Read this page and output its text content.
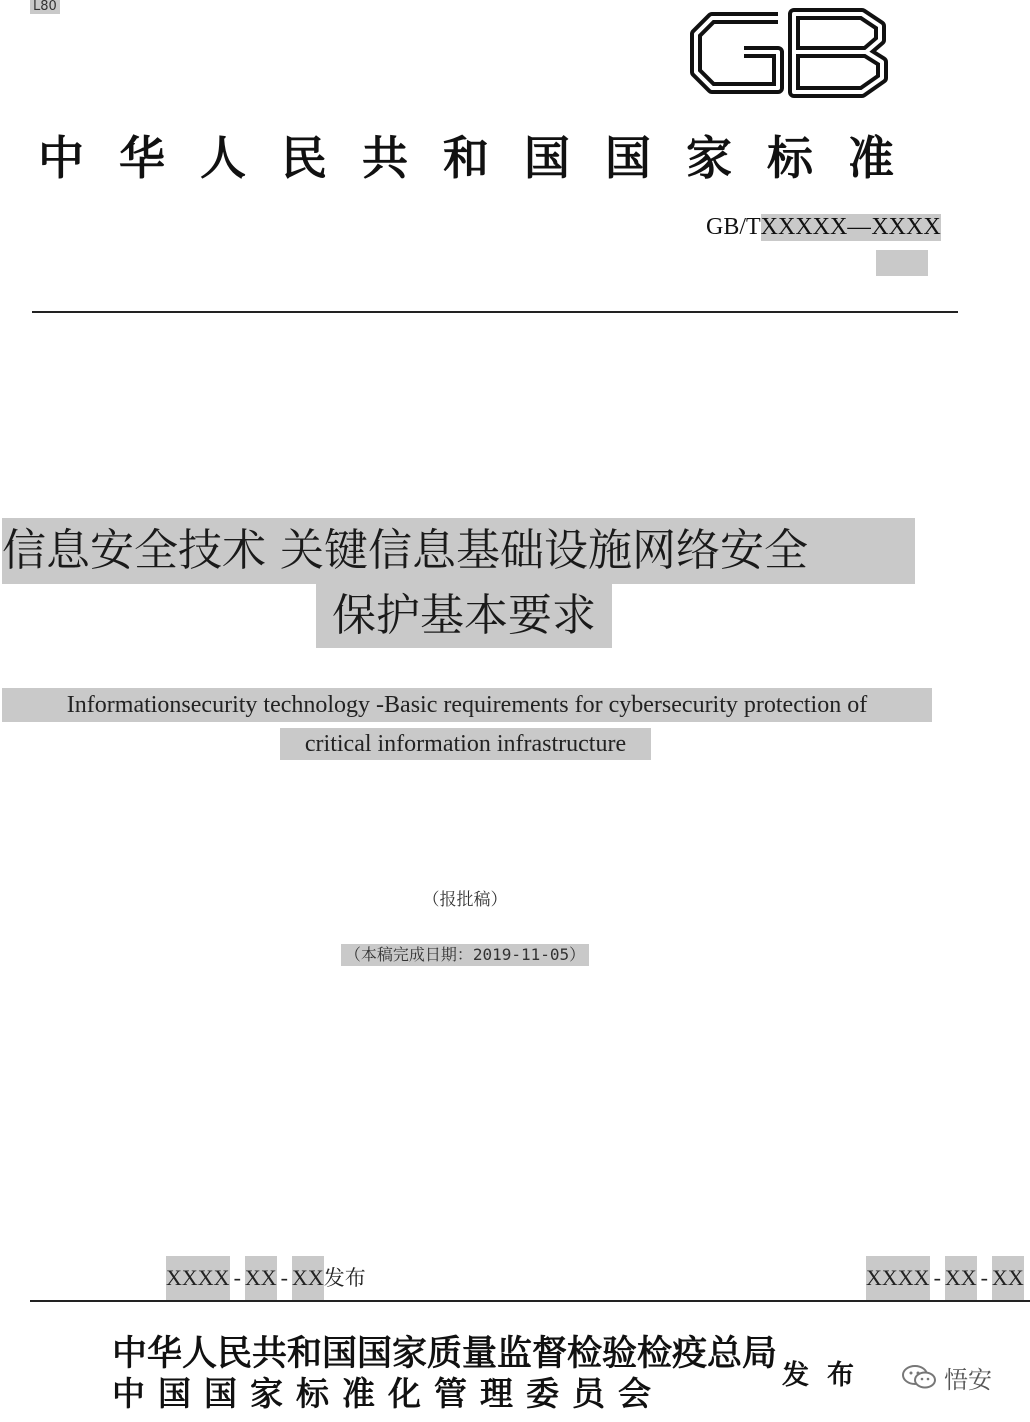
L80
中华人民共和国国家标准
GB/TXXXXX—XXXX
信息安全技术 关键信息基础设施网络安全
保护基本要求
Informationsecurity technology -Basic requirements for cybersecurity protection of
critical information infrastructure
（报批稿）
（本稿完成日期：2019-11-05）
XXXX - XX - XX发布	XXXX - XX - XX
中华人民共和国国家质量监督检验检疫总局
中国国家标准化管理委员会	发布	悟安
